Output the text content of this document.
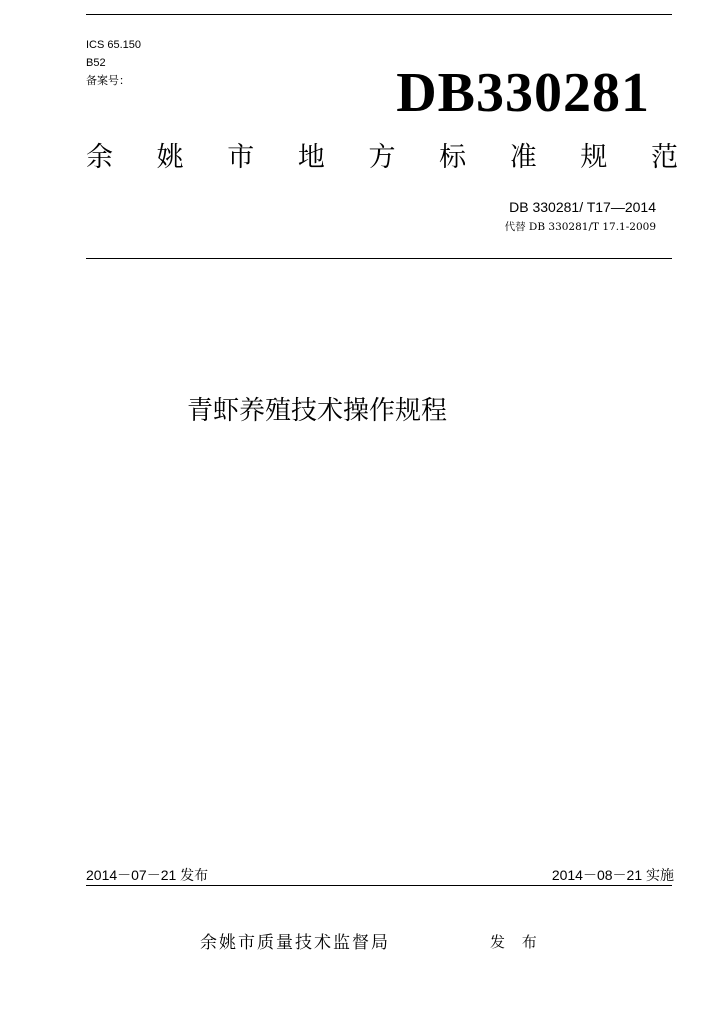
ICS 65.150
B52
备案号：	DB330281
余 姚 市 地 方 标 准 规 范
DB 330281/ T17—2014
代替 DB 330281/T 17.1-2009
青虾养殖技术操作规程
2014－07－21 发布	2014－08－21 实施
余姚市质量技术监督局	发 布
